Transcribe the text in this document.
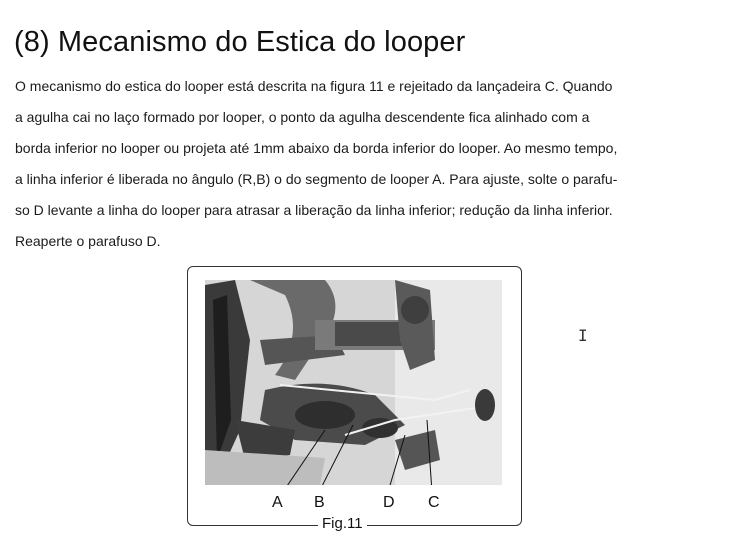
(8) Mecanismo do Estica do looper
O mecanismo do estica do looper está descrita na figura 11 e rejeitado da lançadeira C. Quando
a agulha cai no laço formado por looper, o ponto da agulha descendente fica alinhado com a
borda inferior no looper ou projeta até 1mm abaixo da borda inferior do looper. Ao mesmo tempo,
a linha inferior é liberada no ângulo (R,B) o do segmento de looper A. Para ajuste, solte o parafu-
so D levante a linha do looper para atrasar a liberação da linha inferior; redução da linha inferior.
Reaperte o parafuso D.
A B	D C
Fig.11
I
